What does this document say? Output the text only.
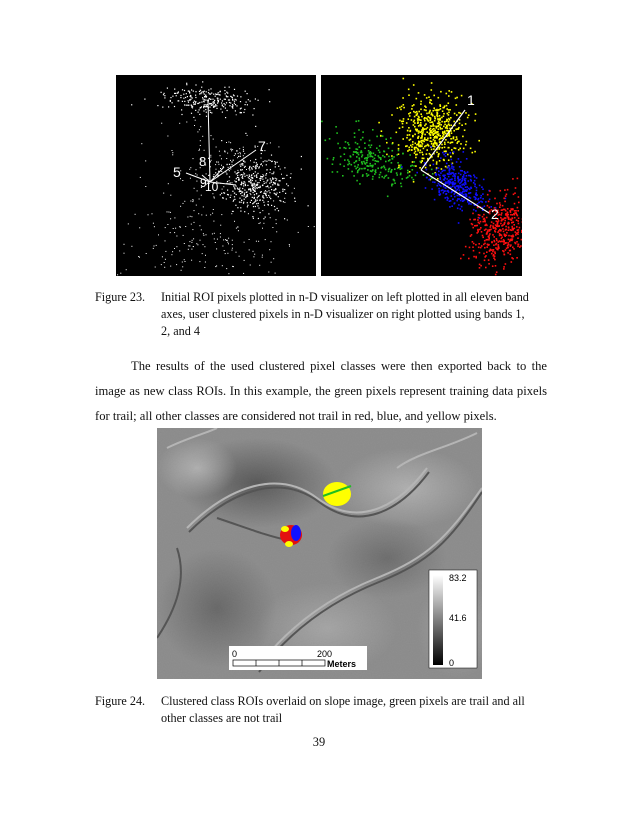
7
8
5
9
10
1
2
Figure 23. Initial ROI pixels plotted in n-D visualizer on left plotted in all eleven band
axes, user clustered pixels in n-D visualizer on right plotted using bands 1,
2, and 4
The results of the used clustered pixel classes were then exported back to the
image as new class ROIs. In this example, the green pixels represent training data pixels
for trail; all other classes are considered not trail in red, blue, and yellow pixels.
83.2
41.6
0
0	200
Meters
Figure 24. Clustered class ROIs overlaid on slope image, green pixels are trail and all
other classes are not trail
39
